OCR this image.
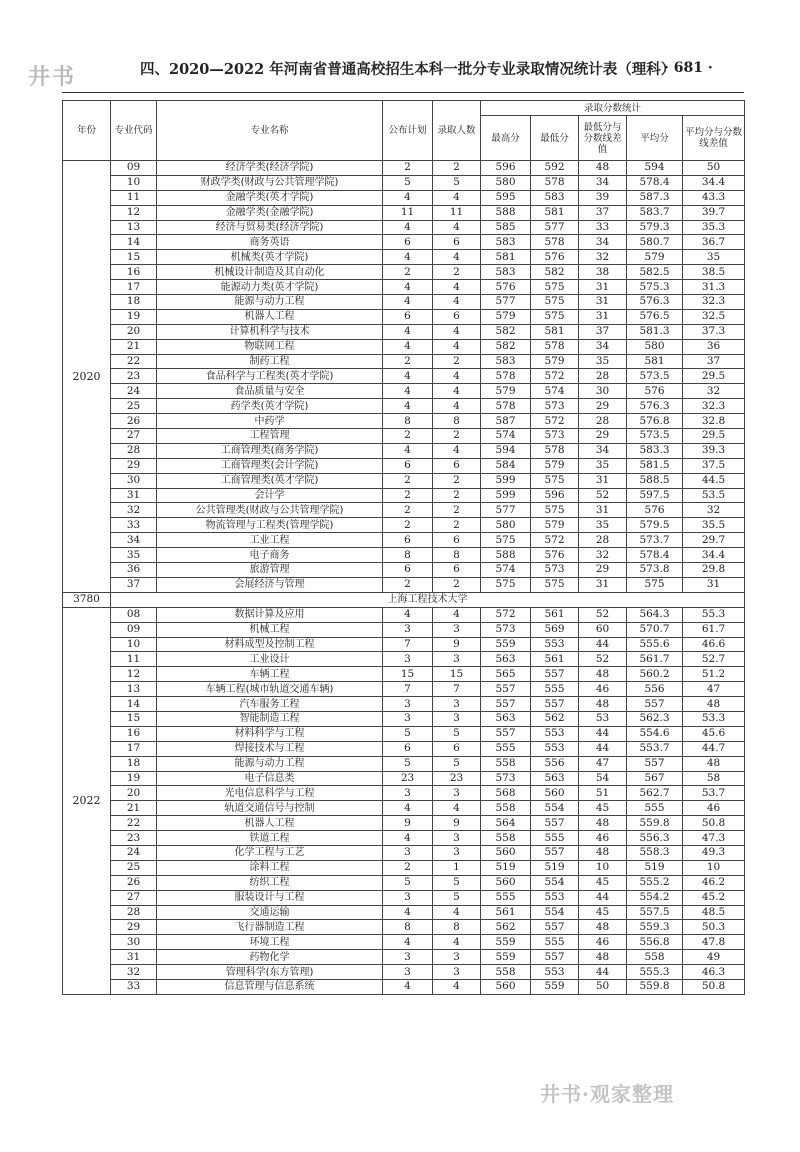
井书	四、2020—2022 年河南省普通高校招生本科一批分专业录取情况统计表（理科）
· 681 ·
年份	专业代码	专业名称	公布计划	录取人数	录取分数统计				
					最高分	最低分	最低分与分数线差值	平均分	平均分与分数线差值
2020	09	经济学类(经济学院)	2	2	596	592	48	594	50
	10	财政学类(财政与公共管理学院)	5	5	580	578	34	578.4	34.4
	11	金融学类(英才学院)	4	4	595	583	39	587.3	43.3
	12	金融学类(金融学院)	11	11	588	581	37	583.7	39.7
	13	经济与贸易类(经济学院)	4	4	585	577	33	579.3	35.3
	14	商务英语	6	6	583	578	34	580.7	36.7
	15	机械类(英才学院)	4	4	581	576	32	579	35
	16	机械设计制造及其自动化	2	2	583	582	38	582.5	38.5
	17	能源动力类(英才学院)	4	4	576	575	31	575.3	31.3
	18	能源与动力工程	4	4	577	575	31	576.3	32.3
	19	机器人工程	6	6	579	575	31	576.5	32.5
	20	计算机科学与技术	4	4	582	581	37	581.3	37.3
	21	物联网工程	4	4	582	578	34	580	36
	22	制药工程	2	2	583	579	35	581	37
	23	食品科学与工程类(英才学院)	4	4	578	572	28	573.5	29.5
	24	食品质量与安全	4	4	579	574	30	576	32
	25	药学类(英才学院)	4	4	578	573	29	576.3	32.3
	26	中药学	8	8	587	572	28	576.8	32.8
	27	工程管理	2	2	574	573	29	573.5	29.5
	28	工商管理类(商务学院)	4	4	594	578	34	583.3	39.3
	29	工商管理类(会计学院)	6	6	584	579	35	581.5	37.5
	30	工商管理类(英才学院)	2	2	599	575	31	588.5	44.5
	31	会计学	2	2	599	596	52	597.5	53.5
	32	公共管理类(财政与公共管理学院)	2	2	577	575	31	576	32
	33	物流管理与工程类(管理学院)	2	2	580	579	35	579.5	35.5
	34	工业工程	6	6	575	572	28	573.7	29.7
	35	电子商务	8	8	588	576	32	578.4	34.4
	36	旅游管理	6	6	574	573	29	573.8	29.8
	37	会展经济与管理	2	2	575	575	31	575	31
3780	上海工程技术大学								
2022	08	数据计算及应用	4	4	572	561	52	564.3	55.3
	09	机械工程	3	3	573	569	60	570.7	61.7
	10	材料成型及控制工程	7	9	559	553	44	555.6	46.6
	11	工业设计	3	3	563	561	52	561.7	52.7
	12	车辆工程	15	15	565	557	48	560.2	51.2
	13	车辆工程(城市轨道交通车辆)	7	7	557	555	46	556	47
	14	汽车服务工程	3	3	557	557	48	557	48
	15	智能制造工程	3	3	563	562	53	562.3	53.3
	16	材料科学与工程	5	5	557	553	44	554.6	45.6
	17	焊接技术与工程	6	6	555	553	44	553.7	44.7
	18	能源与动力工程	5	5	558	556	47	557	48
	19	电子信息类	23	23	573	563	54	567	58
	20	光电信息科学与工程	3	3	568	560	51	562.7	53.7
	21	轨道交通信号与控制	4	4	558	554	45	555	46
	22	机器人工程	9	9	564	557	48	559.8	50.8
	23	铁道工程	4	3	558	555	46	556.3	47.3
	24	化学工程与工艺	3	3	560	557	48	558.3	49.3
	25	涂料工程	2	1	519	519	10	519	10
	26	纺织工程	5	5	560	554	45	555.2	46.2
	27	服装设计与工程	3	5	555	553	44	554.2	45.2
	28	交通运输	4	4	561	554	45	557.5	48.5
	29	飞行器制造工程	8	8	562	557	48	559.3	50.3
	30	环境工程	4	4	559	555	46	556.8	47.8
	31	药物化学	3	3	559	557	48	558	49
	32	管理科学(东方管理)	3	3	558	553	44	555.3	46.3
	33	信息管理与信息系统	4	4	560	559	50	559.8	50.8
井书·观家整理
